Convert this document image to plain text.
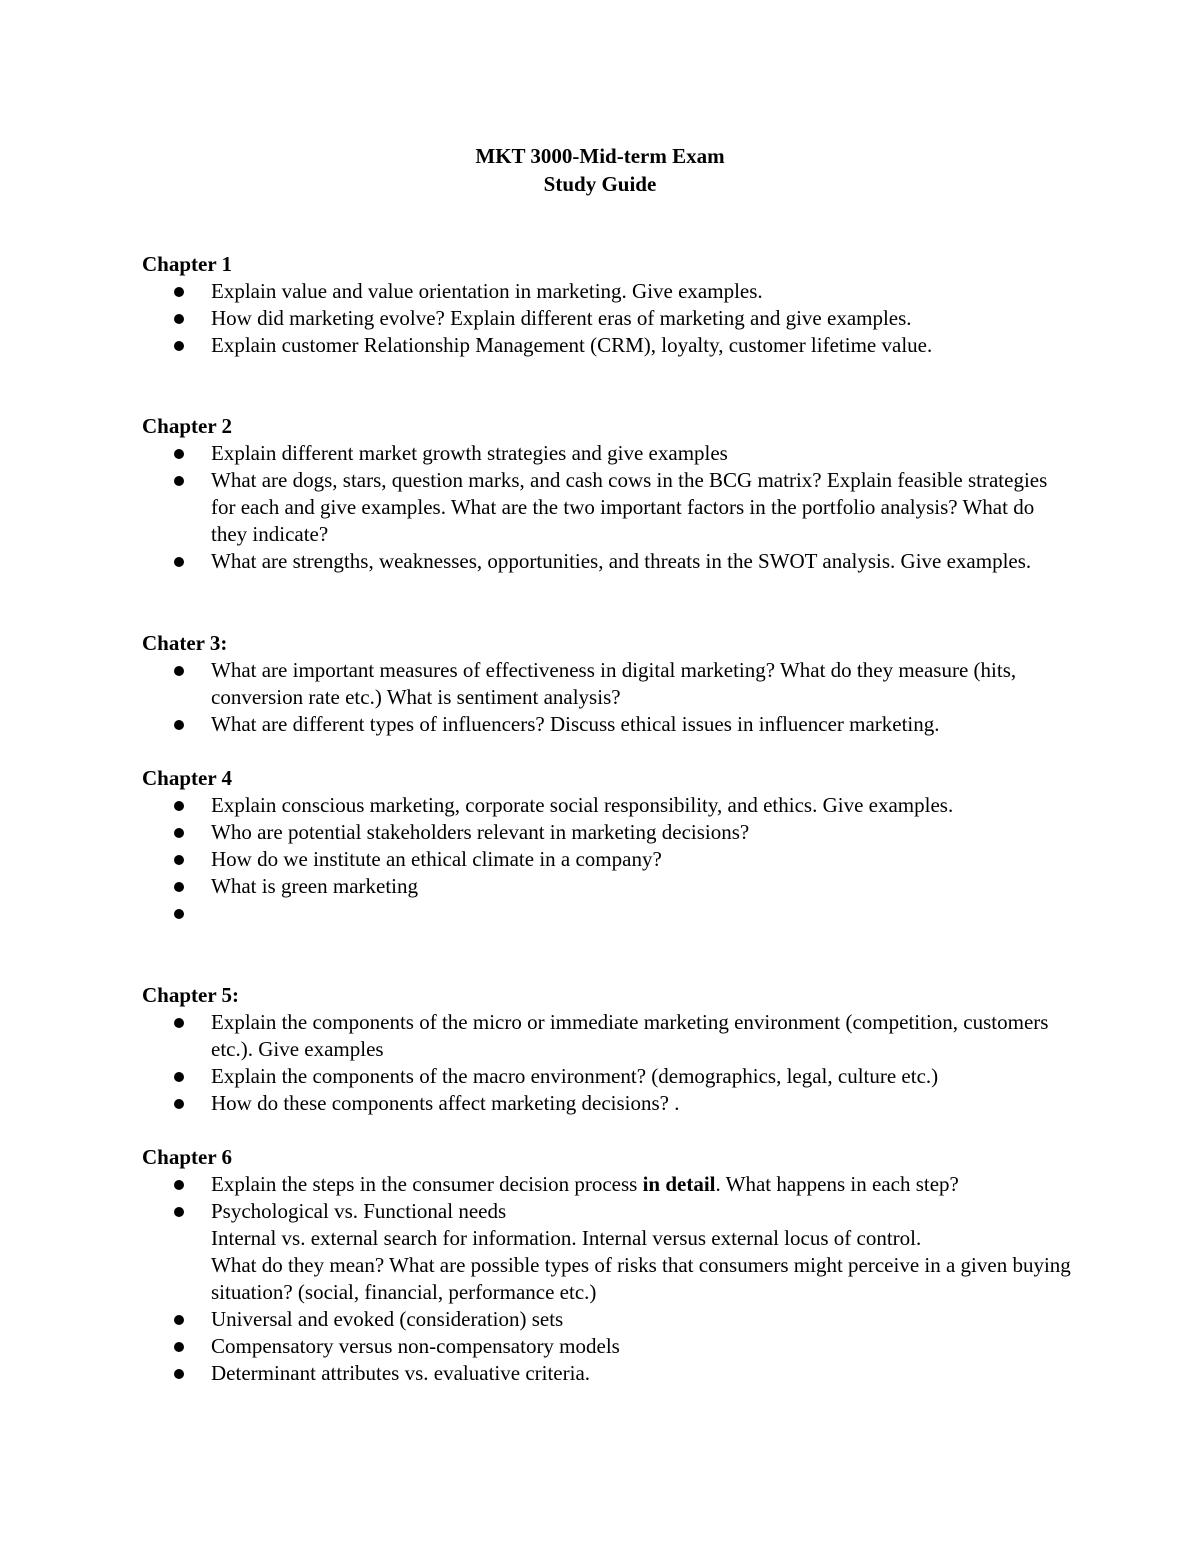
MKT 3000-Mid-term Exam
Study Guide
Chapter 1
Explain value and value orientation in marketing. Give examples.
How did marketing evolve? Explain different eras of marketing and give examples.
Explain customer Relationship Management (CRM), loyalty, customer lifetime value.
Chapter 2
Explain different market growth strategies and give examples
What are dogs, stars, question marks, and cash cows in the BCG matrix? Explain feasible strategies for each and give examples. What are the two important factors in the portfolio analysis? What do they indicate?
What are strengths, weaknesses, opportunities, and threats in the SWOT analysis. Give examples.
Chater 3:
What are important measures of effectiveness in digital marketing? What do they measure (hits, conversion rate etc.) What is sentiment analysis?
What are different types of influencers? Discuss ethical issues in influencer marketing.
Chapter 4
Explain conscious marketing, corporate social responsibility, and ethics. Give examples.
Who are potential stakeholders relevant in marketing decisions?
How do we institute an ethical climate in a company?
What is green marketing
Chapter 5:
Explain the components of the micro or immediate marketing environment (competition, customers etc.). Give examples
Explain the components of the macro environment? (demographics, legal, culture etc.)
How do these components affect marketing decisions? .
Chapter 6
Explain the steps in the consumer decision process in detail. What happens in each step?
Psychological vs. Functional needs
Internal vs. external search for information. Internal versus external locus of control.
What do they mean? What are possible types of risks that consumers might perceive in a given buying situation? (social, financial, performance etc.)
Universal and evoked (consideration) sets
Compensatory versus non-compensatory models
Determinant attributes vs. evaluative criteria.
